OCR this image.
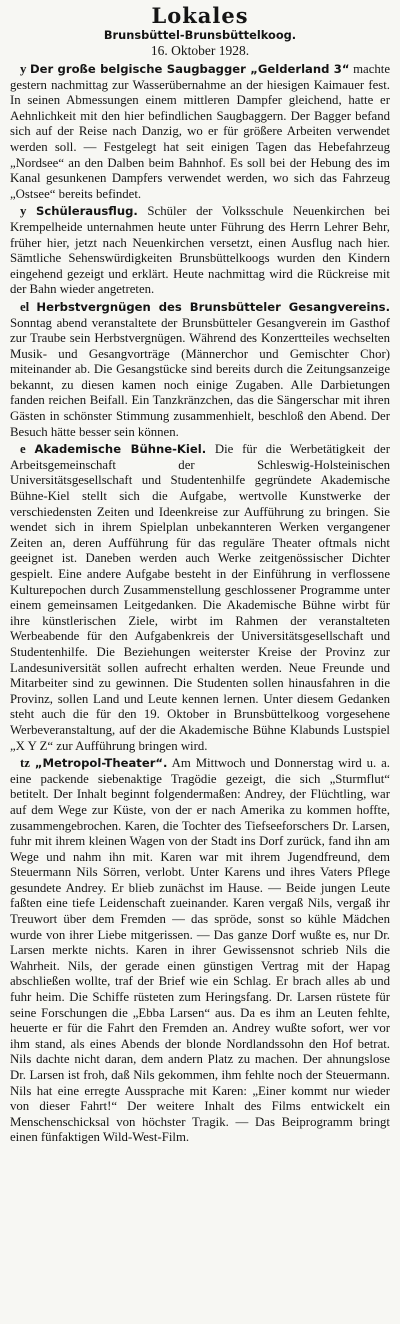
Lokales
Brunsbüttel-Brunsbüttelkoog.
16. Oktober 1928.

y Der große belgische Saugbagger „Gelderland 3“ machte gestern nachmittag zur Wasserübernahme an der hiesigen Kaimauer fest. In seinen Abmessungen einem mittleren Dampfer gleichend, hatte er Aehnlichkeit mit den hier befindlichen Saugbaggern. Der Bagger befand sich auf der Reise nach Danzig, wo er für größere Arbeiten verwendet werden soll. — Festgelegt hat seit einigen Tagen das Hebefahrzeug „Nordsee“ an den Dalben beim Bahnhof. Es soll bei der Hebung des im Kanal gesunkenen Dampfers verwendet werden, wo sich das Fahrzeug „Ostsee“ bereits befindet.

y Schülerausflug. Schüler der Volksschule Neuenkirchen bei Krempelheide unternahmen heute unter Führung des Herrn Lehrer Behr, früher hier, jetzt nach Neuenkirchen versetzt, einen Ausflug nach hier. Sämtliche Sehenswürdigkeiten Brunsbüttelkoogs wurden den Kindern eingehend gezeigt und erklärt. Heute nachmittag wird die Rückreise mit der Bahn wieder angetreten.

el Herbstvergnügen des Brunsbütteler Gesangvereins. Sonntag abend veranstaltete der Brunsbütteler Gesangverein im Gasthof zur Traube sein Herbstvergnügen. Während des Konzertteiles wechselten Musik- und Gesangvorträge (Männerchor und Gemischter Chor) miteinander ab. Die Gesangstücke sind bereits durch die Zeitungsanzeige bekannt, zu diesen kamen noch einige Zugaben. Alle Darbietungen fanden reichen Beifall. Ein Tanzkränzchen, das die Sängerschar mit ihren Gästen in schönster Stimmung zusammenhielt, beschloß den Abend. Der Besuch hätte besser sein können.

e Akademische Bühne-Kiel. Die für die Werbetätigkeit der Arbeitsgemeinschaft der Schleswig-Holsteinischen Universitätsgesellschaft und Studentenhilfe gegründete Akademische Bühne-Kiel stellt sich die Aufgabe, wertvolle Kunstwerke der verschiedensten Zeiten und Ideenkreise zur Aufführung zu bringen. Sie wendet sich in ihrem Spielplan unbekannteren Werken vergangener Zeiten an, deren Aufführung für das reguläre Theater oftmals nicht geeignet ist. Daneben werden auch Werke zeitgenössischer Dichter gespielt. Eine andere Aufgabe besteht in der Einführung in verflossene Kulturepochen durch Zusammenstellung geschlossener Programme unter einem gemeinsamen Leitgedanken. Die Akademische Bühne wirbt für ihre künstlerischen Ziele, wirbt im Rahmen der veranstalteten Werbeabende für den Aufgabenkreis der Universitätsgesellschaft und Studentenhilfe. Die Beziehungen weiterster Kreise der Provinz zur Landesuniversität sollen aufrecht erhalten werden. Neue Freunde und Mitarbeiter sind zu gewinnen. Die Studenten sollen hinausfahren in die Provinz, sollen Land und Leute kennen lernen. Unter diesem Gedanken steht auch die für den 19. Oktober in Brunsbüttelkoog vorgesehene Werbeveranstaltung, auf der die Akademische Bühne Klabunds Lustspiel „X Y Z“ zur Aufführung bringen wird.

tz „Metropol-Theater“. Am Mittwoch und Donnerstag wird u. a. eine packende siebenaktige Tragödie gezeigt, die sich „Sturmflut“ betitelt. Der Inhalt beginnt folgendermaßen: Andrey, der Flüchtling, war auf dem Wege zur Küste, von der er nach Amerika zu kommen hoffte, zusammengebrochen. Karen, die Tochter des Tiefseeforschers Dr. Larsen, fuhr mit ihrem kleinen Wagen von der Stadt ins Dorf zurück, fand ihn am Wege und nahm ihn mit. Karen war mit ihrem Jugendfreund, dem Steuermann Nils Sörren, verlobt. Unter Karens und ihres Vaters Pflege gesundete Andrey. Er blieb zunächst im Hause. — Beide jungen Leute faßten eine tiefe Leidenschaft zueinander. Karen vergaß Nils, vergaß ihr Treuwort über dem Fremden — das spröde, sonst so kühle Mädchen wurde von ihrer Liebe mitgerissen. — Das ganze Dorf wußte es, nur Dr. Larsen merkte nichts. Karen in ihrer Gewissensnot schrieb Nils die Wahrheit. Nils, der gerade einen günstigen Vertrag mit der Hapag abschließen wollte, traf der Brief wie ein Schlag. Er brach alles ab und fuhr heim. Die Schiffe rüsteten zum Heringsfang. Dr. Larsen rüstete für seine Forschungen die „Ebba Larsen“ aus. Da es ihm an Leuten fehlte, heuerte er für die Fahrt den Fremden an. Andrey wußte sofort, wer vor ihm stand, als eines Abends der blonde Nordlandssohn den Hof betrat. Nils dachte nicht daran, dem andern Platz zu machen. Der ahnungslose Dr. Larsen ist froh, daß Nils gekommen, ihm fehlte noch der Steuermann. Nils hat eine erregte Aussprache mit Karen: „Einer kommt nur wieder von dieser Fahrt!“ Der weitere Inhalt des Films entwickelt ein Menschenschicksal von höchster Tragik. — Das Beiprogramm bringt einen fünfaktigen Wild-West-Film.
